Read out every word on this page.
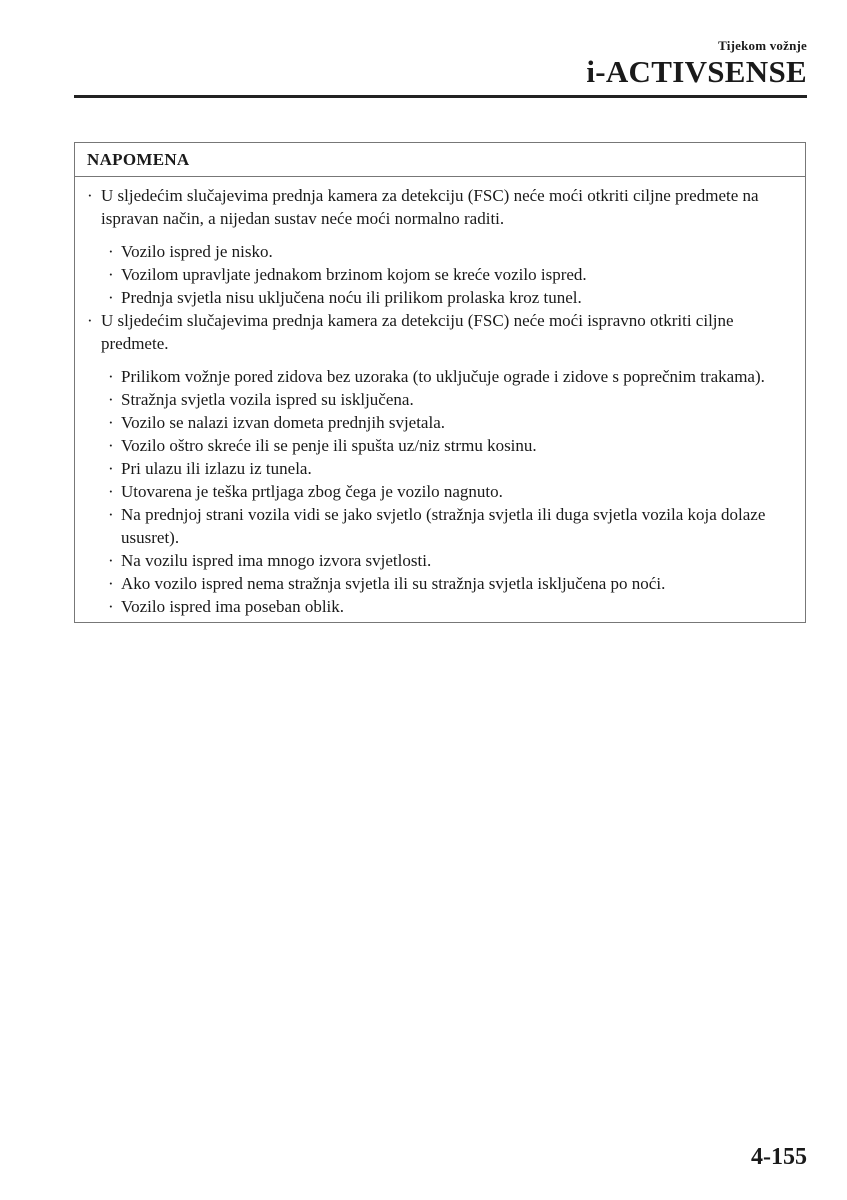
Tijekom vožnje
i-ACTIVSENSE
NAPOMENA
· U sljedećim slučajevima prednja kamera za detekciju (FSC) neće moći otkriti ciljne predmete na ispravan način, a nijedan sustav neće moći normalno raditi.
· Vozilo ispred je nisko.
· Vozilom upravljate jednakom brzinom kojom se kreće vozilo ispred.
· Prednja svjetla nisu uključena noću ili prilikom prolaska kroz tunel.
· U sljedećim slučajevima prednja kamera za detekciju (FSC) neće moći ispravno otkriti ciljne predmete.
· Prilikom vožnje pored zidova bez uzoraka (to uključuje ograde i zidove s poprečnim trakama).
· Stražnja svjetla vozila ispred su isključena.
· Vozilo se nalazi izvan dometa prednjih svjetala.
· Vozilo oštro skreće ili se penje ili spušta uz/niz strmu kosinu.
· Pri ulazu ili izlazu iz tunela.
· Utovarena je teška prtljaga zbog čega je vozilo nagnuto.
· Na prednjoj strani vozila vidi se jako svjetlo (stražnja svjetla ili duga svjetla vozila koja dolaze ususret).
· Na vozilu ispred ima mnogo izvora svjetlosti.
· Ako vozilo ispred nema stražnja svjetla ili su stražnja svjetla isključena po noći.
· Vozilo ispred ima poseban oblik.
4-155
